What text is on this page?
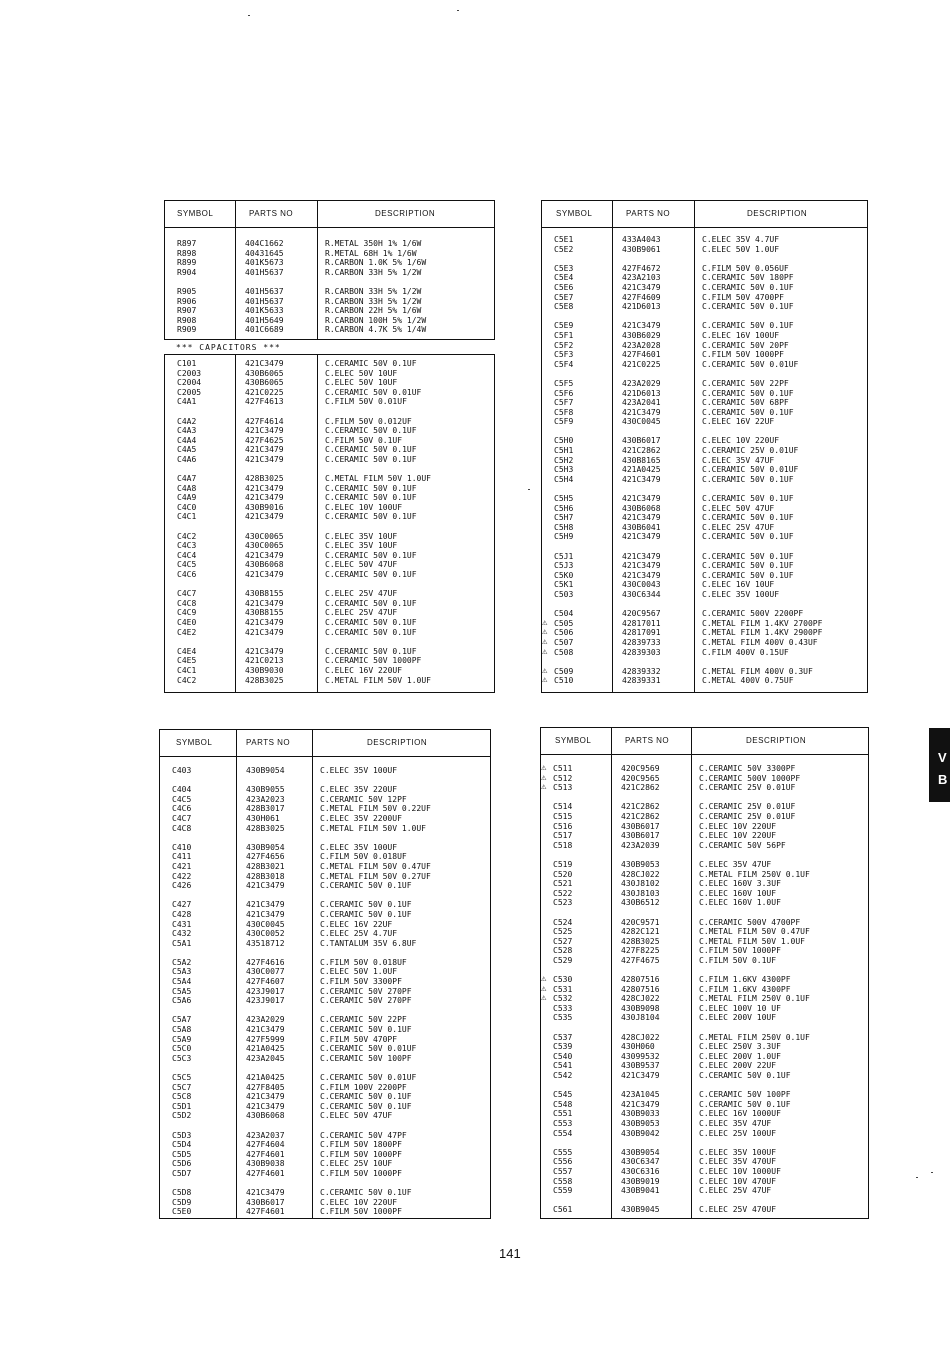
SYMBOL	PARTS NO	DESCRIPTION
R897	404C1662	R.METAL 350H 1% 1/6W
R898	40431645	R.METAL 68H 1% 1/6W
R899	401K5673	R.CARBON 1.0K 5% 1/6W
R904	401H5637	R.CARBON 33H 5% 1/2W
R905	401H5637	R.CARBON 33H 5% 1/2W
R906	401H5637	R.CARBON 33H 5% 1/2W
R907	401K5633	R.CARBON 22H 5% 1/6W
R908	401H5649	R.CARBON 100H 5% 1/2W
R909	401C6689	R.CARBON 4.7K 5% 1/4W
*** CAPACITORS ***
C101	421C3479	C.CERAMIC 50V 0.1UF
C2003	430B6065	C.ELEC 50V 10UF
C2004	430B6065	C.ELEC 50V 10UF
C2005	421C0225	C.CERAMIC 50V 0.01UF
C4A1	427F4613	C.FILM 50V 0.01UF
C4A2	427F4614	C.FILM 50V 0.012UF
C4A3	421C3479	C.CERAMIC 50V 0.1UF
C4A4	427F4625	C.FILM 50V 0.1UF
C4A5	421C3479	C.CERAMIC 50V 0.1UF
C4A6	421C3479	C.CERAMIC 50V 0.1UF
C4A7	428B3025	C.METAL FILM 50V 1.0UF
C4A8	421C3479	C.CERAMIC 50V 0.1UF
C4A9	421C3479	C.CERAMIC 50V 0.1UF
C4C0	430B9016	C.ELEC 10V 100UF
C4C1	421C3479	C.CERAMIC 50V 0.1UF
C4C2	430C0065	C.ELEC 35V 10UF
C4C3	430C0065	C.ELEC 35V 10UF
C4C4	421C3479	C.CERAMIC 50V 0.1UF
C4C5	430B6068	C.ELEC 50V 47UF
C4C6	421C3479	C.CERAMIC 50V 0.1UF
C4C7	430B8155	C.ELEC 25V 47UF
C4C8	421C3479	C.CERAMIC 50V 0.1UF
C4C9	430B8155	C.ELEC 25V 47UF
C4E0	421C3479	C.CERAMIC 50V 0.1UF
C4E2	421C3479	C.CERAMIC 50V 0.1UF
C4E4	421C3479	C.CERAMIC 50V 0.1UF
C4E5	421C0213	C.CERAMIC 50V 1000PF
C4C1	430B9030	C.ELEC 16V 220UF
C4C2	428B3025	C.METAL FILM 50V 1.0UF
SYMBOL	PARTS NO	DESCRIPTION
C5E1	433A4043	C.ELEC 35V 4.7UF
C5E2	430B9061	C.ELEC 50V 1.0UF
C5E3	427F4672	C.FILM 50V 0.056UF
C5E4	423A2103	C.CERAMIC 50V 180PF
C5E6	421C3479	C.CERAMIC 50V 0.1UF
C5E7	427F4609	C.FILM 50V 4700PF
C5E8	421D6013	C.CERAMIC 50V 0.1UF
C5E9	421C3479	C.CERAMIC 50V 0.1UF
C5F1	430B6029	C.ELEC 16V 100UF
C5F2	423A2028	C.CERAMIC 50V 20PF
C5F3	427F4601	C.FILM 50V 1000PF
C5F4	421C0225	C.CERAMIC 50V 0.01UF
C5F5	423A2029	C.CERAMIC 50V 22PF
C5F6	421D6013	C.CERAMIC 50V 0.1UF
C5F7	423A2041	C.CERAMIC 50V 68PF
C5F8	421C3479	C.CERAMIC 50V 0.1UF
C5F9	430C0045	C.ELEC 16V 22UF
C5H0	430B6017	C.ELEC 10V 220UF
C5H1	421C2862	C.CERAMIC 25V 0.01UF
C5H2	430B8165	C.ELEC 35V 47UF
C5H3	421A0425	C.CERAMIC 50V 0.01UF
C5H4	421C3479	C.CERAMIC 50V 0.1UF
C5H5	421C3479	C.CERAMIC 50V 0.1UF
C5H6	430B6068	C.ELEC 50V 47UF
C5H7	421C3479	C.CERAMIC 50V 0.1UF
C5H8	430B6041	C.ELEC 25V 47UF
C5H9	421C3479	C.CERAMIC 50V 0.1UF
C5J1	421C3479	C.CERAMIC 50V 0.1UF
C5J3	421C3479	C.CERAMIC 50V 0.1UF
C5K0	421C3479	C.CERAMIC 50V 0.1UF
C5K1	430C0043	C.ELEC 16V 10UF
C503	430C6344	C.ELEC 35V 100UF
C504	420C9567	C.CERAMIC 500V 2200PF
⚠ C505	42817011	C.METAL FILM 1.4KV 2700PF
⚠ C506	42817091	C.METAL FILM 1.4KV 2900PF
⚠ C507	42839733	C.METAL FILM 400V 0.43UF
⚠ C508	42839303	C.FILM 400V 0.15UF
⚠ C509	42839332	C.METAL FILM 400V 0.3UF
⚠ C510	42839331	C.METAL 400V 0.75UF
SYMBOL	PARTS NO	DESCRIPTION
C403	430B9054	C.ELEC 35V 100UF
C404	430B9055	C.ELEC 35V 220UF
C4C5	423A2023	C.CERAMIC 50V 12PF
C4C6	428B3017	C.METAL FILM 50V 0.22UF
C4C7	430H061	C.ELEC 35V 2200UF
C4C8	428B3025	C.METAL FILM 50V 1.0UF
C410	430B9054	C.ELEC 35V 100UF
C411	427F4656	C.FILM 50V 0.018UF
C421	428B3021	C.METAL FILM 50V 0.47UF
C422	428B3018	C.METAL FILM 50V 0.27UF
C426	421C3479	C.CERAMIC 50V 0.1UF
C427	421C3479	C.CERAMIC 50V 0.1UF
C428	421C3479	C.CERAMIC 50V 0.1UF
C431	430C0045	C.ELEC 16V 22UF
C432	430C0052	C.ELEC 25V 4.7UF
C5A1	43518712	C.TANTALUM 35V 6.8UF
C5A2	427F4616	C.FILM 50V 0.018UF
C5A3	430C0077	C.ELEC 50V 1.0UF
C5A4	427F4607	C.FILM 50V 3300PF
C5A5	423J9017	C.CERAMIC 50V 270PF
C5A6	423J9017	C.CERAMIC 50V 270PF
C5A7	423A2029	C.CERAMIC 50V 22PF
C5A8	421C3479	C.CERAMIC 50V 0.1UF
C5A9	427F5999	C.FILM 50V 470PF
C5C0	421A0425	C.CERAMIC 50V 0.01UF
C5C3	423A2045	C.CERAMIC 50V 100PF
C5C5	421A0425	C.CERAMIC 50V 0.01UF
C5C7	427F8405	C.FILM 100V 2200PF
C5C8	421C3479	C.CERAMIC 50V 0.1UF
C5D1	421C3479	C.CERAMIC 50V 0.1UF
C5D2	430B6068	C.ELEC 50V 47UF
C5D3	423A2037	C.CERAMIC 50V 47PF
C5D4	427F4604	C.FILM 50V 1800PF
C5D5	427F4601	C.FILM 50V 1000PF
C5D6	430B9038	C.ELEC 25V 10UF
C5D7	427F4601	C.FILM 50V 1000PF
C5D8	421C3479	C.CERAMIC 50V 0.1UF
C5D9	430B6017	C.ELEC 10V 220UF
C5E0	427F4601	C.FILM 50V 1000PF
SYMBOL	PARTS NO	DESCRIPTION
⚠ C511	420C9569	C.CERAMIC 50V 3300PF
⚠ C512	420C9565	C.CERAMIC 500V 1000PF
⚠ C513	421C2862	C.CERAMIC 25V 0.01UF
C514	421C2862	C.CERAMIC 25V 0.01UF
C515	421C2862	C.CERAMIC 25V 0.01UF
C516	430B6017	C.ELEC 10V 220UF
C517	430B6017	C.ELEC 10V 220UF
C518	423A2039	C.CERAMIC 50V 56PF
C519	430B9053	C.ELEC 35V 47UF
C520	428CJ022	C.METAL FILM 250V 0.1UF
C521	430J8102	C.ELEC 160V 3.3UF
C522	430J8103	C.ELEC 160V 10UF
C523	430B6512	C.ELEC 160V 1.0UF
C524	420C9571	C.CERAMIC 500V 4700PF
C525	4282C121	C.METAL FILM 50V 0.47UF
C527	428B3025	C.METAL FILM 50V 1.0UF
C528	427F8225	C.FILM 50V 1000PF
C529	427F4675	C.FILM 50V 0.1UF
⚠ C530	42807516	C.FILM 1.6KV 4300PF
⚠ C531	42807516	C.FILM 1.6KV 4300PF
⚠ C532	428CJ022	C.METAL FILM 250V 0.1UF
C533	430B9098	C.ELEC 100V 10 UF
C535	430J8104	C.ELEC 200V 10UF
C537	428CJ022	C.METAL FILM 250V 0.1UF
C539	430H060	C.ELEC 250V 3.3UF
C540	43099532	C.ELEC 200V 1.0UF
C541	430B9537	C.ELEC 200V 22UF
C542	421C3479	C.CERAMIC 50V 0.1UF
C545	423A1045	C.CERAMIC 50V 100PF
C548	421C3479	C.CERAMIC 50V 0.1UF
C551	430B9033	C.ELEC 16V 1000UF
C553	430B9053	C.ELEC 35V 47UF
C554	430B9042	C.ELEC 25V 100UF
C555	430B9054	C.ELEC 35V 100UF
C556	430C6347	C.ELEC 35V 470UF
C557	430C6316	C.ELEC 10V 1000UF
C558	430B9019	C.ELEC 10V 470UF
C559	430B9041	C.ELEC 25V 47UF
C561	430B9045	C.ELEC 25V 470UF
141
V
B
